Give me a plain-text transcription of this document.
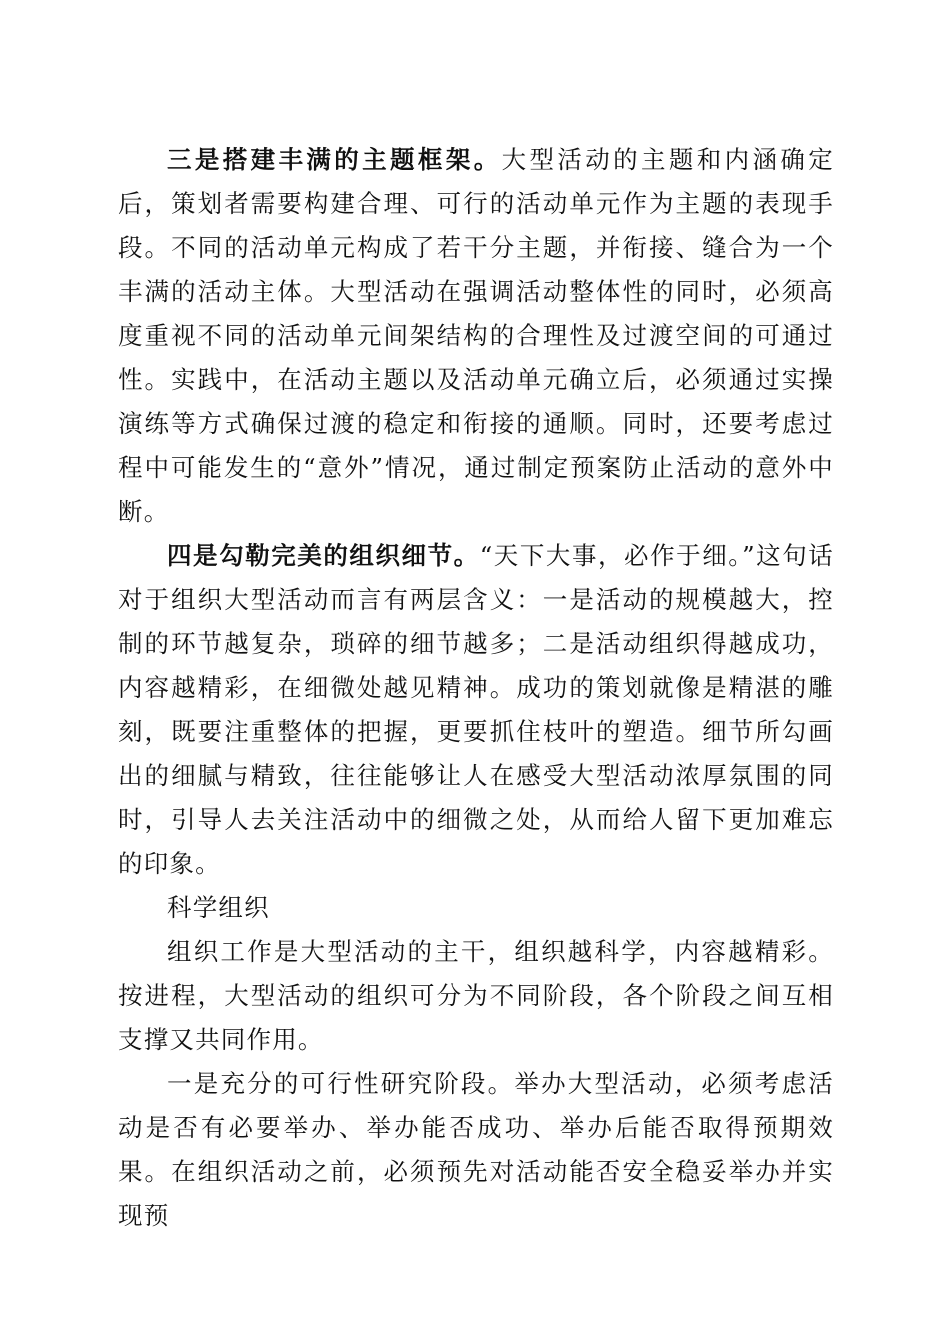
三是搭建丰满的主题框架。大型活动的主题和内涵确定后，策划者需要构建合理、可行的活动单元作为主题的表现手段。不同的活动单元构成了若干分主题，并衔接、缝合为一个丰满的活动主体。大型活动在强调活动整体性的同时，必须高度重视不同的活动单元间架结构的合理性及过渡空间的可通过性。实践中，在活动主题以及活动单元确立后，必须通过实操演练等方式确保过渡的稳定和衔接的通顺。同时，还要考虑过程中可能发生的“意外”情况，通过制定预案防止活动的意外中断。

四是勾勒完美的组织细节。“天下大事，必作于细。”这句话对于组织大型活动而言有两层含义：一是活动的规模越大，控制的环节越复杂，琐碎的细节越多；二是活动组织得越成功，内容越精彩，在细微处越见精神。成功的策划就像是精湛的雕刻，既要注重整体的把握，更要抓住枝叶的塑造。细节所勾画出的细腻与精致，往往能够让人在感受大型活动浓厚氛围的同时，引导人去关注活动中的细微之处，从而给人留下更加难忘的印象。

科学组织

组织工作是大型活动的主干，组织越科学，内容越精彩。按进程，大型活动的组织可分为不同阶段，各个阶段之间互相支撑又共同作用。

一是充分的可行性研究阶段。举办大型活动，必须考虑活动是否有必要举办、举办能否成功、举办后能否取得预期效果。在组织活动之前，必须预先对活动能否安全稳妥举办并实现预
